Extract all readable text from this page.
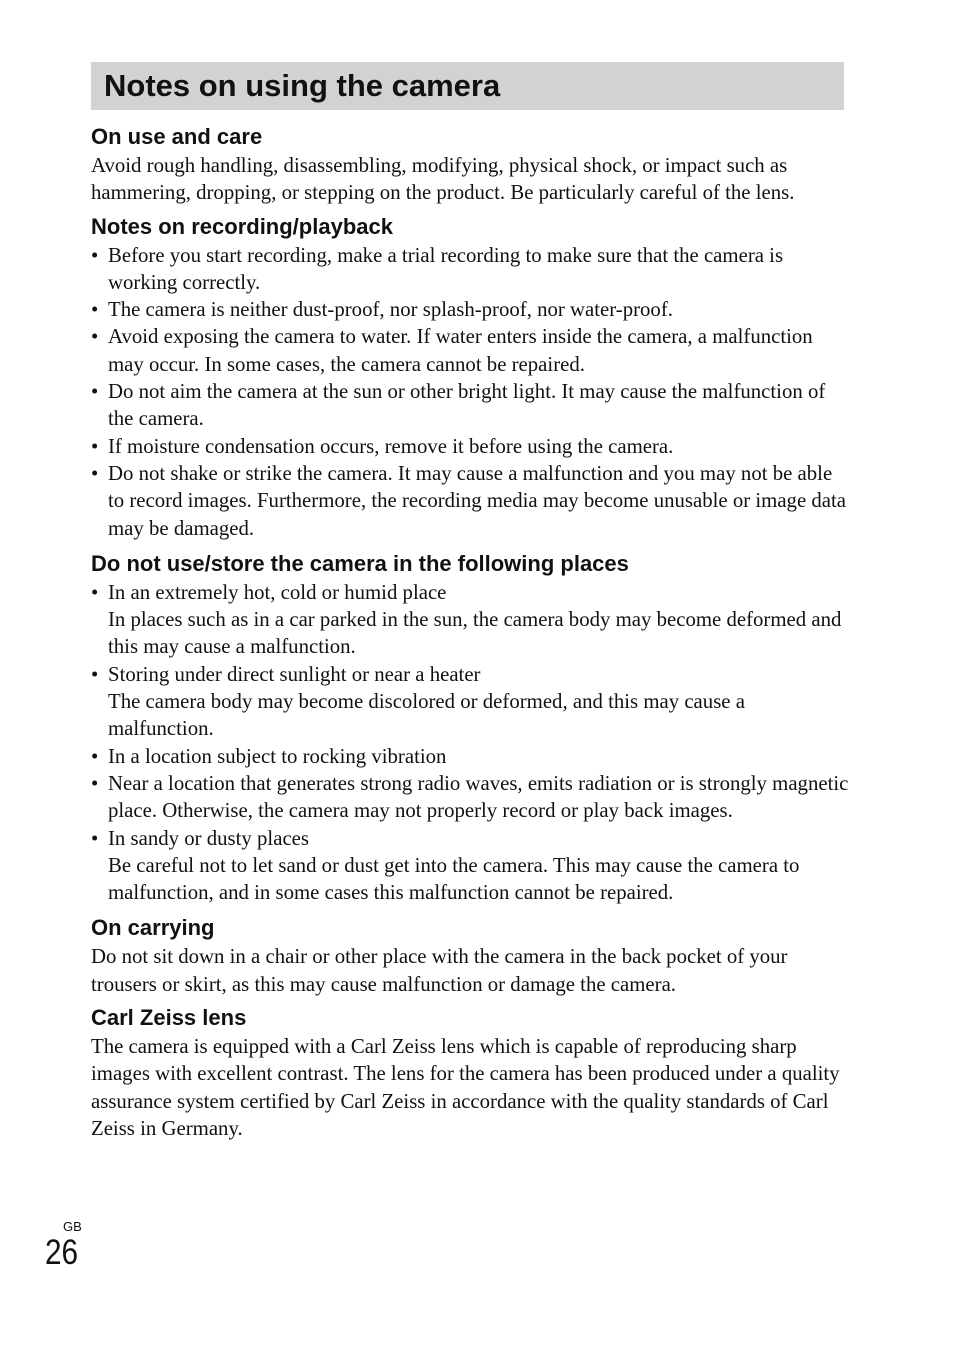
Notes on using the camera
On use and care

Avoid rough handling, disassembling, modifying, physical shock, or impact such as hammering, dropping, or stepping on the product. Be particularly careful of the lens.

Notes on recording/playback
• Before you start recording, make a trial recording to make sure that the camera is working correctly.
• The camera is neither dust-proof, nor splash-proof, nor water-proof.
• Avoid exposing the camera to water. If water enters inside the camera, a malfunction may occur. In some cases, the camera cannot be repaired.
• Do not aim the camera at the sun or other bright light. It may cause the malfunction of the camera.
• If moisture condensation occurs, remove it before using the camera.
• Do not shake or strike the camera. It may cause a malfunction and you may not be able to record images. Furthermore, the recording media may become unusable or image data may be damaged.
Do not use/store the camera in the following places
• In an extremely hot, cold or humid place
In places such as in a car parked in the sun, the camera body may become deformed and this may cause a malfunction.
• Storing under direct sunlight or near a heater
The camera body may become discolored or deformed, and this may cause a malfunction.
• In a location subject to rocking vibration
• Near a location that generates strong radio waves, emits radiation or is strongly magnetic place. Otherwise, the camera may not properly record or play back images.
• In sandy or dusty places
Be careful not to let sand or dust get into the camera. This may cause the camera to malfunction, and in some cases this malfunction cannot be repaired.
On carrying

Do not sit down in a chair or other place with the camera in the back pocket of your trousers or skirt, as this may cause malfunction or damage the camera.

Carl Zeiss lens

The camera is equipped with a Carl Zeiss lens which is capable of reproducing sharp images with excellent contrast. The lens for the camera has been produced under a quality assurance system certified by Carl Zeiss in accordance with the quality standards of Carl Zeiss in Germany.

GB
26
